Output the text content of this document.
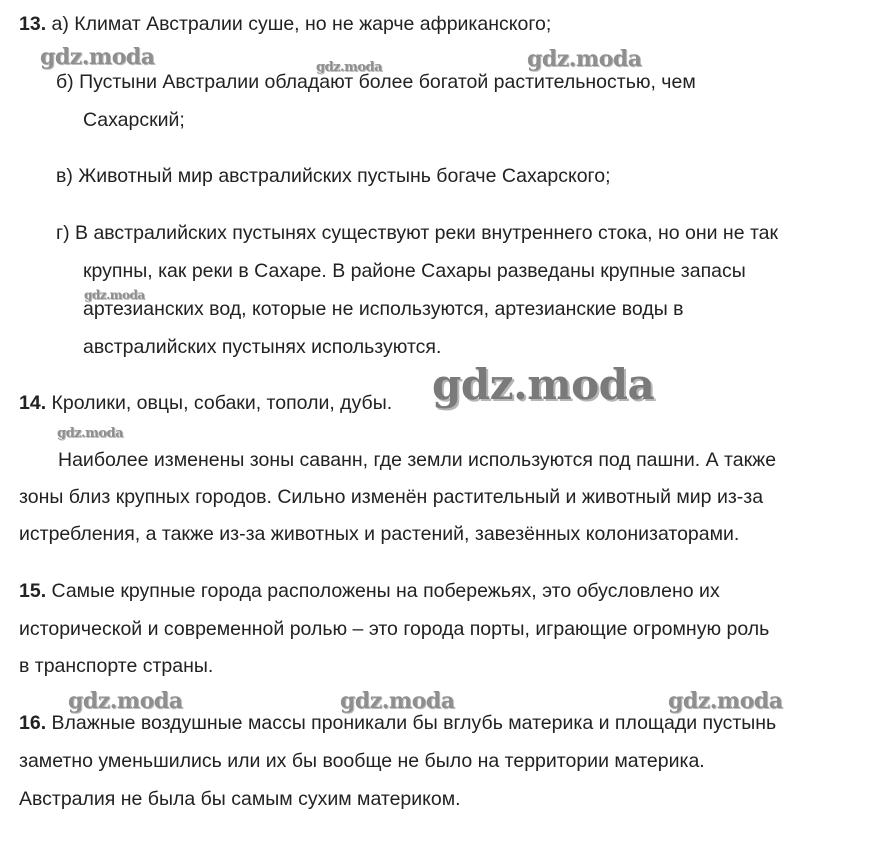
13. а) Климат Австралии суше, но не жарче африканского;
б) Пустыни Австралии обладают более богатой растительностью, чем
Сахарский;
в) Животный мир австралийских пустынь богаче Сахарского;
г) В австралийских пустынях существуют реки внутреннего стока, но они не так
крупны, как реки в Сахаре. В районе Сахары разведаны крупные запасы
артезианских вод, которые не используются, артезианские воды в
австралийских пустынях используются.
14. Кролики, овцы, собаки, тополи, дубы.
Наиболее изменены зоны саванн, где земли используются под пашни. А также
зоны близ крупных городов. Сильно изменён растительный и животный мир из-за
истребления, а также из-за животных и растений, завезённых колонизаторами.
15. Самые крупные города расположены на побережьях, это обусловлено их
исторической и современной ролью – это города порты, играющие огромную роль
в транспорте страны.
16. Влажные воздушные массы проникали бы вглубь материка и площади пустынь
заметно уменьшились или их бы вообще не было на территории материка.
Австралия не была бы самым сухим материком.
gdz.moda	gdz.moda	gdz.moda
gdz.moda
gdz.moda
gdz.moda
gdz.moda	gdz.moda	gdz.moda
